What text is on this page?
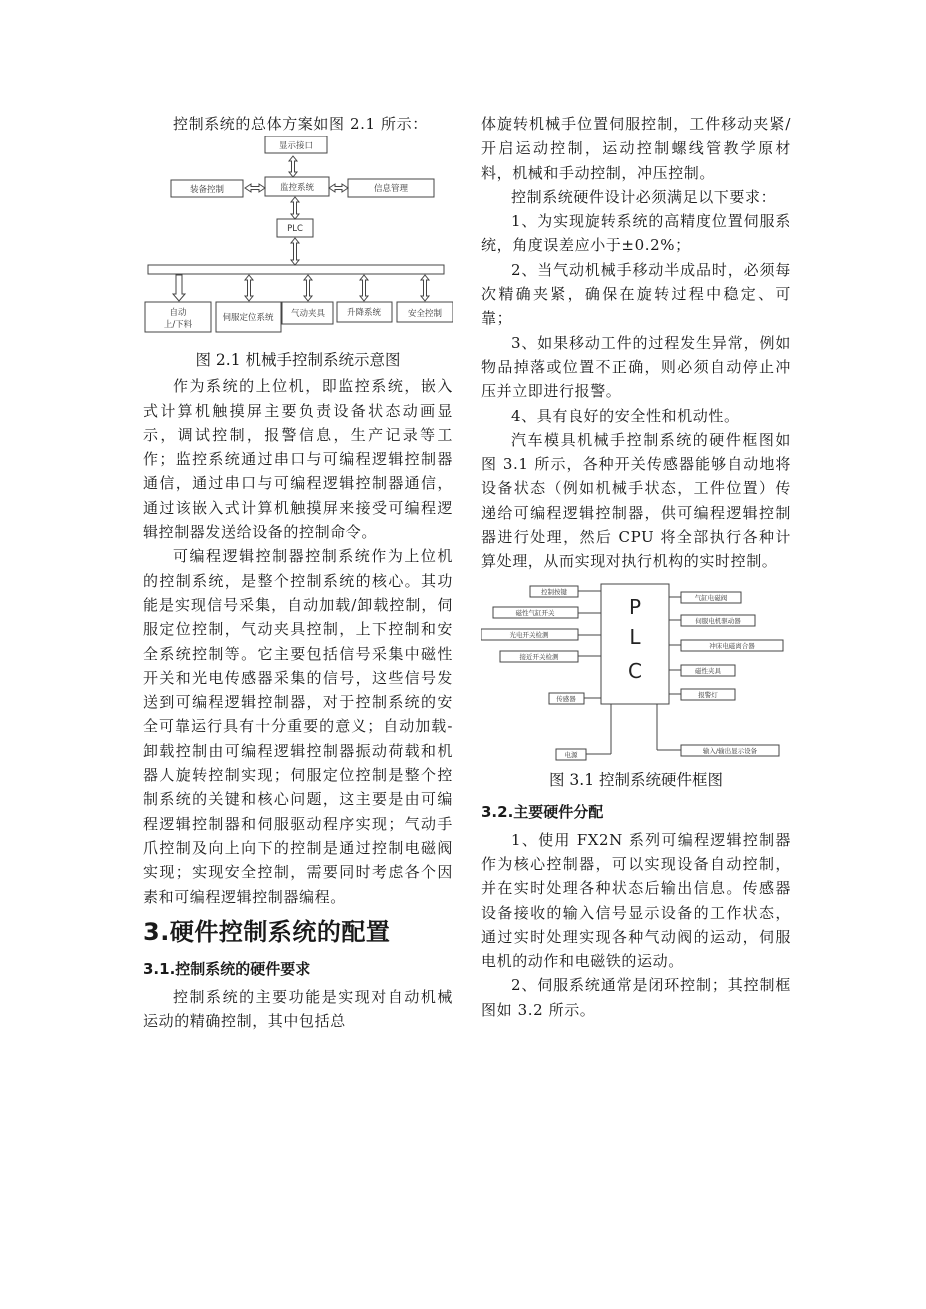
控制系统的总体方案如图 2.1 所示：

显示接口
监控系统
装备控制	信息管理
PLC
自动
上/下料
伺服定位系统 气动夹具	升降系统	安全控制
图 2.1 机械手控制系统示意图

作为系统的上位机，即监控系统，嵌入式计算机触摸屏主要负责设备状态动画显示，调试控制，报警信息，生产记录等工作；监控系统通过串口与可编程逻辑控制器通信，通过串口与可编程逻辑控制器通信，通过该嵌入式计算机触摸屏来接受可编程逻辑控制器发送给设备的控制命令。

可编程逻辑控制器控制系统作为上位机的控制系统，是整个控制系统的核心。其功能是实现信号采集，自动加载/卸载控制，伺服定位控制，气动夹具控制，上下控制和安全系统控制等。它主要包括信号采集中磁性开关和光电传感器采集的信号，这些信号发送到可编程逻辑控制器，对于控制系统的安全可靠运行具有十分重要的意义；自动加载-卸载控制由可编程逻辑控制器振动荷载和机器人旋转控制实现；伺服定位控制是整个控制系统的关键和核心问题，这主要是由可编程逻辑控制器和伺服驱动程序实现；气动手爪控制及向上向下的控制是通过控制电磁阀实现；实现安全控制，需要同时考虑各个因素和可编程逻辑控制器编程。

3.硬件控制系统的配置
3.1.控制系统的硬件要求

控制系统的主要功能是实现对自动机械运动的精确控制，其中包括总

体旋转机械手位置伺服控制，工件移动夹紧/开启运动控制，运动控制螺线管教学原材料，机械和手动控制，冲压控制。

控制系统硬件设计必须满足以下要求：

1、为实现旋转系统的高精度位置伺服系统，角度误差应小于±0.2%；

2、当气动机械手移动半成品时，必须每次精确夹紧，确保在旋转过程中稳定、可靠；

3、如果移动工件的过程发生异常，例如物品掉落或位置不正确，则必须自动停止冲压并立即进行报警。

4、具有良好的安全性和机动性。

汽车模具机械手控制系统的硬件框图如图 3.1 所示，各种开关传感器能够自动地将设备状态（例如机械手状态，工件位置）传递给可编程逻辑控制器，供可编程逻辑控制器进行处理，然后 CPU 将全部执行各种计算处理，从而实现对执行机构的实时控制。

P
L
C
控制按键
磁性气缸开关
光电开关检测
接近开关检测
传感器
电源
气缸电磁阀
伺服电机驱动器
冲床电磁离合器
磁性夹具
报警灯
输入/输出显示设备
图 3.1 控制系统硬件框图
3.2.主要硬件分配

1、使用 FX2N 系列可编程逻辑控制器作为核心控制器，可以实现设备自动控制，并在实时处理各种状态后输出信息。传感器设备接收的输入信号显示设备的工作状态，通过实时处理实现各种气动阀的运动，伺服电机的动作和电磁铁的运动。

2、伺服系统通常是闭环控制；其控制框图如 3.2 所示。
